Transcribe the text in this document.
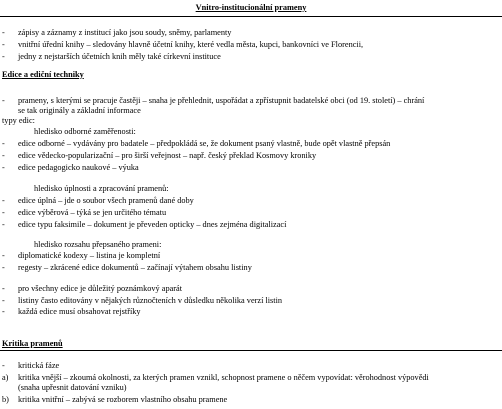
Vnitro-institucionální prameny
-	zápisy a záznamy z institucí jako jsou soudy, sněmy, parlamenty
-	vnitřní úřední knihy – sledovány hlavně účetní knihy, které vedla města, kupci, bankovníci ve Florencii,
-	jedny z nejstarších účetních knih měly také církevní instituce
Edice a ediční techniky
-	prameny, s kterými se pracuje častěji – snaha je přehlednit, uspořádat a zpřístupnit badatelské obci (od 19. století) – chrání
se tak originály a základní informace
typy edic:
hledisko odborné zaměřenosti:
-	edice odborné – vydávány pro badatele – předpokládá se, že dokument psaný vlastně, bude opět vlastně přepsán
-	edice vědecko-popularizační – pro širší veřejnost – např. český překlad Kosmovy kroniky
-	edice pedagogicko naukové – výuka
hledisko úplnosti a zpracování pramenů:
-	edice úplná – jde o soubor všech pramenů dané doby
-	edice výběrová – týká se jen určitého tématu
-	edice typu faksimile – dokument je převeden opticky – dnes zejména digitalizací
hledisko rozsahu přepsaného prameni:
-	diplomatické kodexy – listina je kompletní
-	regesty – zkrácené edice dokumentů – začínají výtahem obsahu listiny
-	pro všechny edice je důležitý poznámkový aparát
-	listiny často editovány v nějakých různočteních v důsledku několika verzí listin
-	každá edice musí obsahovat rejstříky
Kritika pramenů
-	kritická fáze
a)	kritika vnější – zkoumá okolnosti, za kterých pramen vznikl, schopnost pramene o něčem vypovídat: věrohodnost výpovědi
(snaha upřesnit datování vzniku)
b)	kritika vnitřní – zabývá se rozborem vlastního obsahu pramene
